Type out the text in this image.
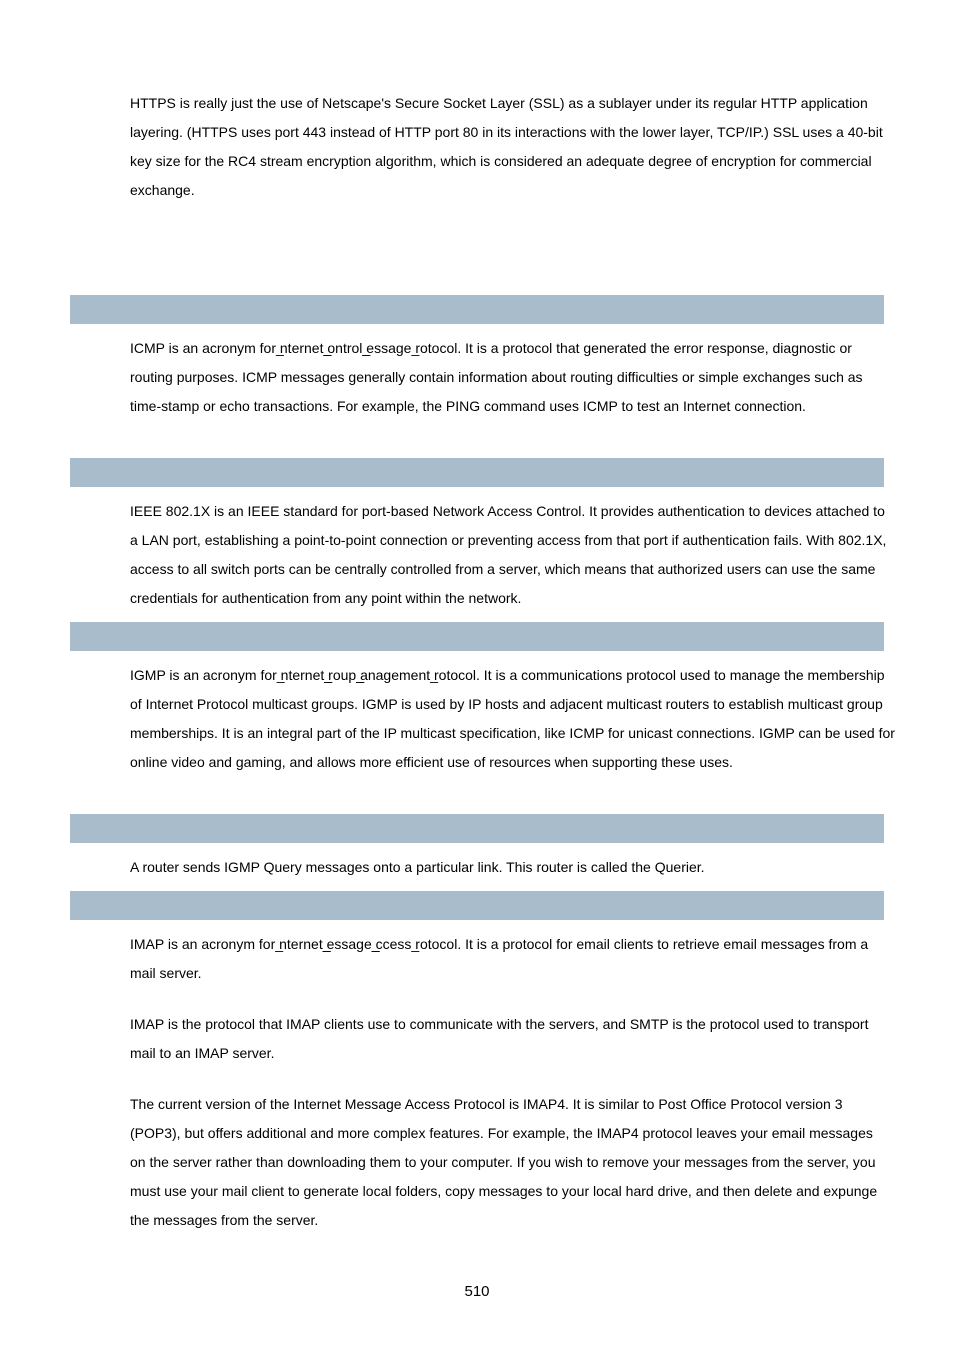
HTTPS is really just the use of Netscape's Secure Socket Layer (SSL) as a sublayer under its regular HTTP application layering. (HTTPS uses port 443 instead of HTTP port 80 in its interactions with the lower layer, TCP/IP.) SSL uses a 40-bit key size for the RC4 stream encryption algorithm, which is considered an adequate degree of encryption for commercial exchange.

ICMP is an acronym for ̲nternet ̲̲ontrol ̲̲essage ̲rotocol. It is a protocol that generated the error response, diagnostic or routing purposes. ICMP messages generally contain information about routing difficulties or simple exchanges such as time-stamp or echo transactions. For example, the PING command uses ICMP to test an Internet connection.

IEEE 802.1X is an IEEE standard for port-based Network Access Control. It provides authentication to devices attached to a LAN port, establishing a point-to-point connection or preventing access from that port if authentication fails. With 802.1X, access to all switch ports can be centrally controlled from a server, which means that authorized users can use the same credentials for authentication from any point within the network.

IGMP is an acronym for ̲nternet ̲̲roup ̲̲anagement ̲rotocol. It is a communications protocol used to manage the membership of Internet Protocol multicast groups. IGMP is used by IP hosts and adjacent multicast routers to establish multicast group memberships. It is an integral part of the IP multicast specification, like ICMP for unicast connections. IGMP can be used for online video and gaming, and allows more efficient use of resources when supporting these uses.

A router sends IGMP Query messages onto a particular link. This router is called the Querier.

IMAP is an acronym for ̲nternet ̲̲essage ̲̲ccess ̲rotocol. It is a protocol for email clients to retrieve email messages from a mail server.

IMAP is the protocol that IMAP clients use to communicate with the servers, and SMTP is the protocol used to transport mail to an IMAP server.

The current version of the Internet Message Access Protocol is IMAP4. It is similar to Post Office Protocol version 3 (POP3), but offers additional and more complex features. For example, the IMAP4 protocol leaves your email messages on the server rather than downloading them to your computer. If you wish to remove your messages from the server, you must use your mail client to generate local folders, copy messages to your local hard drive, and then delete and expunge the messages from the server.

510
